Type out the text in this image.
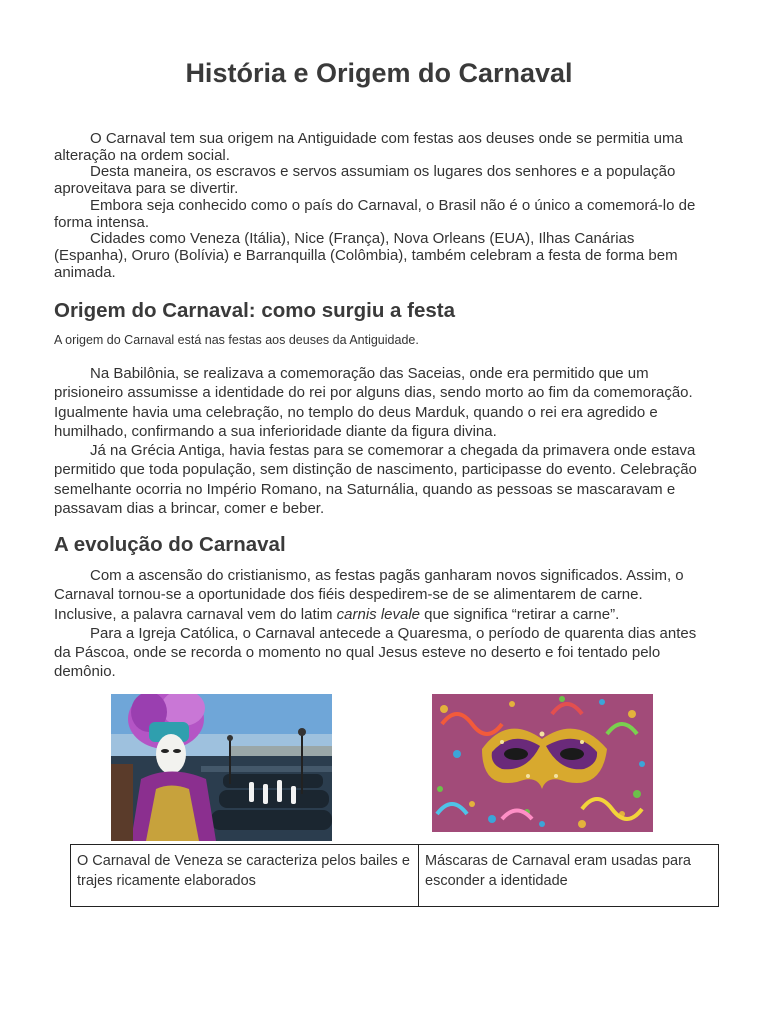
História e Origem do Carnaval

O Carnaval tem sua origem na Antiguidade com festas aos deuses onde se permitia uma alteração na ordem social.

Desta maneira, os escravos e servos assumiam os lugares dos senhores e a população aproveitava para se divertir.

Embora seja conhecido como o país do Carnaval, o Brasil não é o único a comemorá-lo de forma intensa.

Cidades como Veneza (Itália), Nice (França), Nova Orleans (EUA), Ilhas Canárias (Espanha), Oruro (Bolívia) e Barranquilla (Colômbia), também celebram a festa de forma bem animada.

Origem do Carnaval: como surgiu a festa

A origem do Carnaval está nas festas aos deuses da Antiguidade.

Na Babilônia, se realizava a comemoração das Saceias, onde era permitido que um prisioneiro assumisse a identidade do rei por alguns dias, sendo morto ao fim da comemoração. Igualmente havia uma celebração, no templo do deus Marduk, quando o rei era agredido e humilhado, confirmando a sua inferioridade diante da figura divina.

Já na Grécia Antiga, havia festas para se comemorar a chegada da primavera onde estava permitido que toda população, sem distinção de nascimento, participasse do evento. Celebração semelhante ocorria no Império Romano, na Saturnália, quando as pessoas se mascaravam e passavam dias a brincar, comer e beber.

A evolução do Carnaval

Com a ascensão do cristianismo, as festas pagãs ganharam novos significados. Assim, o Carnaval tornou-se a oportunidade dos fiéis despedirem-se de se alimentarem de carne. Inclusive, a palavra carnaval vem do latim carnis levale que significa “retirar a carne”.

Para a Igreja Católica, o Carnaval antecede a Quaresma, o período de quarenta dias antes da Páscoa, onde se recorda o momento no qual Jesus esteve no deserto e foi tentado pelo demônio.

O Carnaval de Veneza se caracteriza pelos bailes e trajes ricamente elaborados	Máscaras de Carnaval eram usadas para esconder a identidade
